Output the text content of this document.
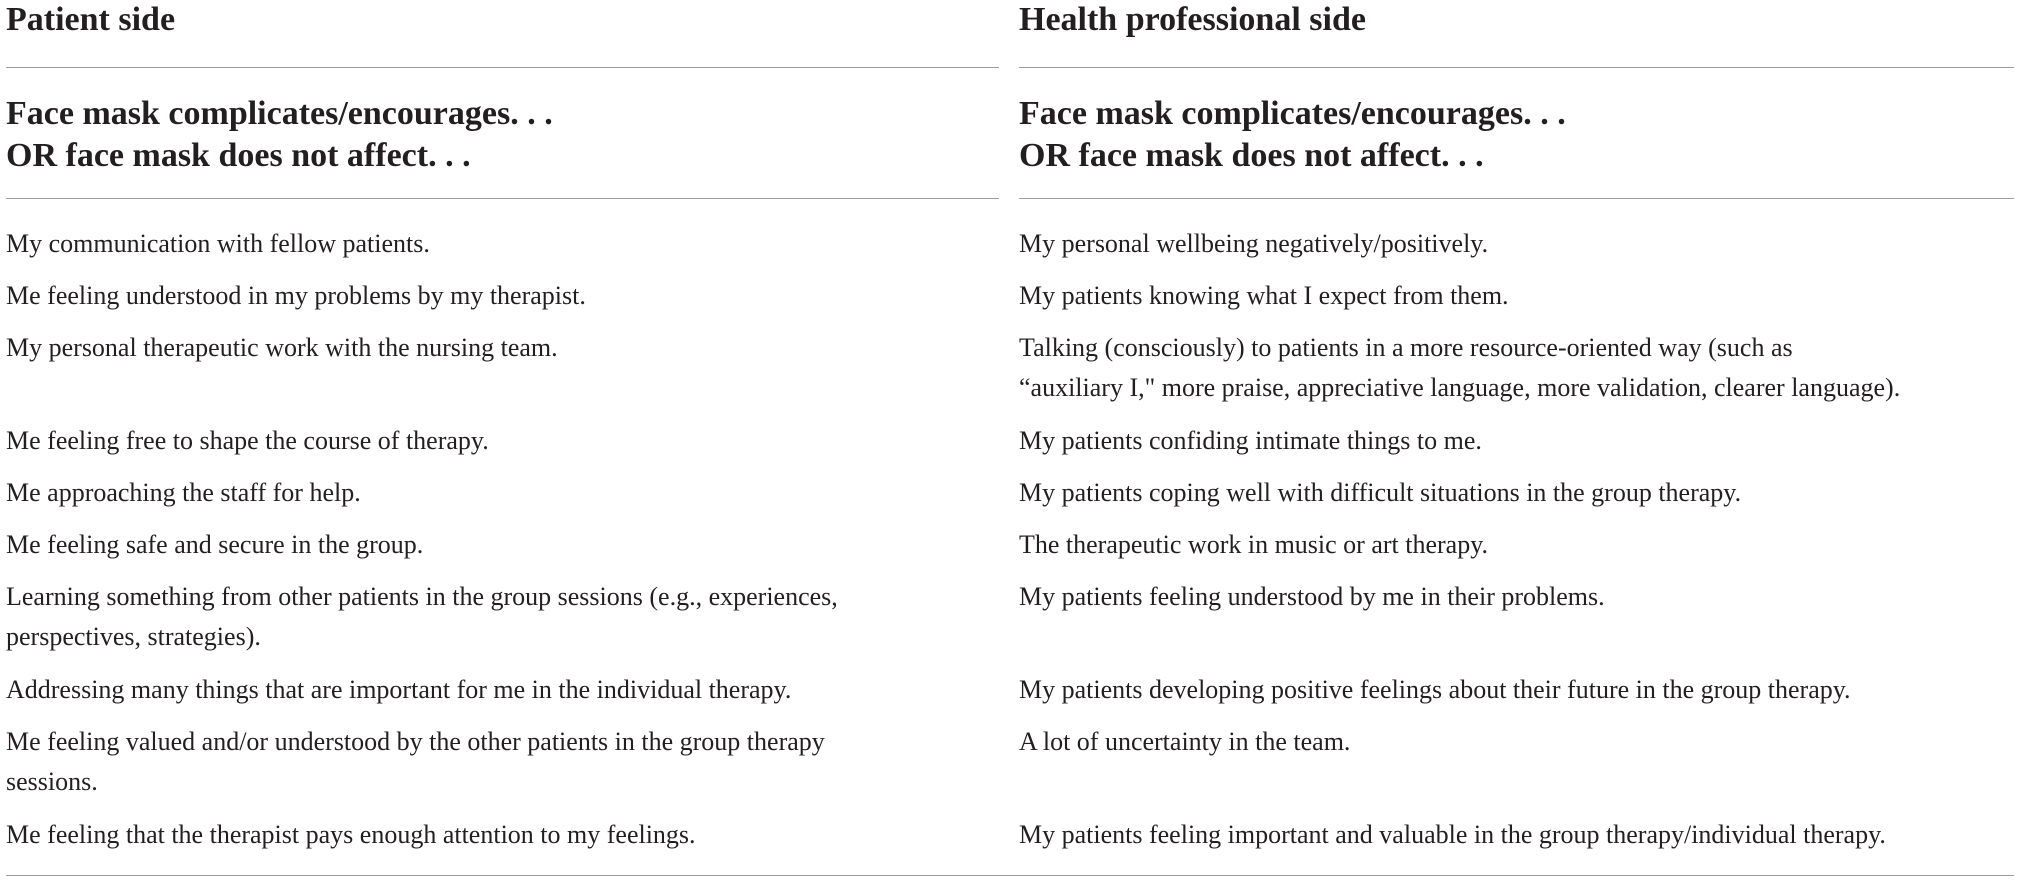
Patient side
Face mask complicates/encourages. . .
OR face mask does not affect. . .
My communication with fellow patients.
Me feeling understood in my problems by my therapist.
My personal therapeutic work with the nursing team.
Me feeling free to shape the course of therapy.
Me approaching the staff for help.
Me feeling safe and secure in the group.
Learning something from other patients in the group sessions (e.g., experiences,
perspectives, strategies).
Addressing many things that are important for me in the individual therapy.
Me feeling valued and/or understood by the other patients in the group therapy
sessions.
Me feeling that the therapist pays enough attention to my feelings.
Health professional side
Face mask complicates/encourages. . .
OR face mask does not affect. . .
My personal wellbeing negatively/positively.
My patients knowing what I expect from them.
Talking (consciously) to patients in a more resource-oriented way (such as
“auxiliary I," more praise, appreciative language, more validation, clearer language).
My patients confiding intimate things to me.
My patients coping well with difficult situations in the group therapy.
The therapeutic work in music or art therapy.
My patients feeling understood by me in their problems.
My patients developing positive feelings about their future in the group therapy.
A lot of uncertainty in the team.
My patients feeling important and valuable in the group therapy/individual therapy.
